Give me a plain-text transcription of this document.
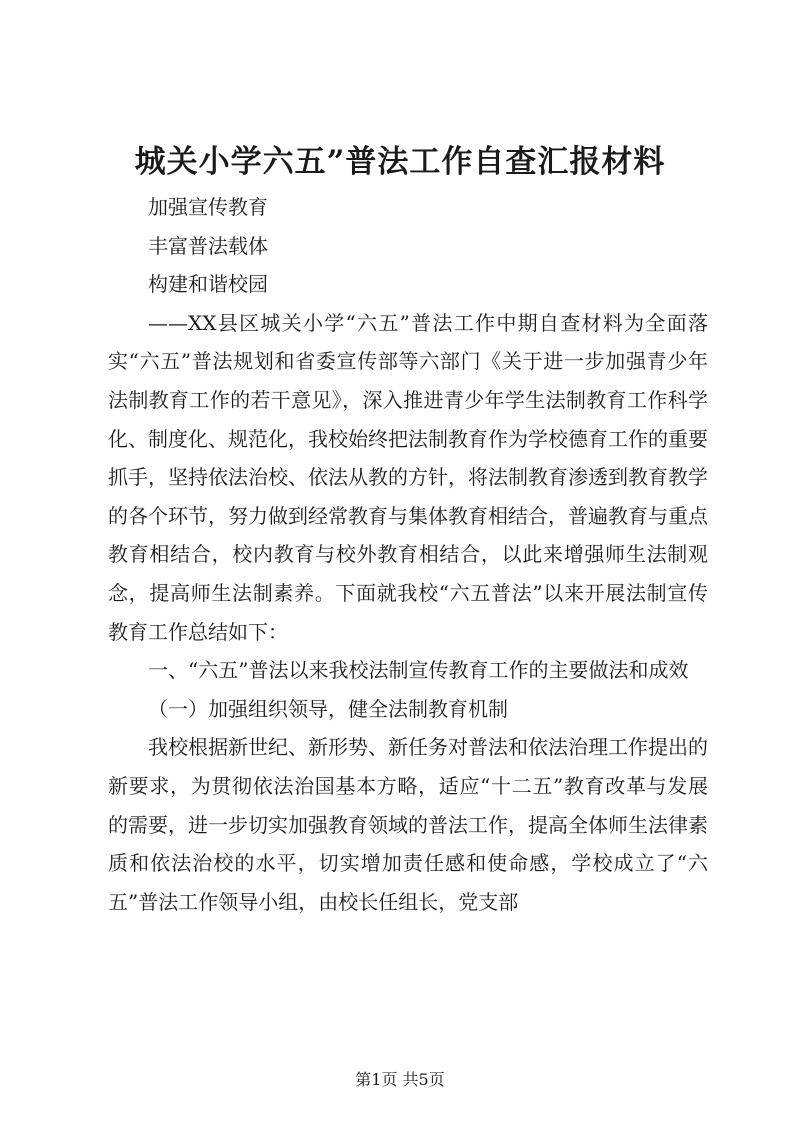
城关小学六五”普法工作自查汇报材料

加强宣传教育

丰富普法载体

构建和谐校园

——XX县区城关小学“六五”普法工作中期自查材料为全面落实“六五”普法规划和省委宣传部等六部门《关于进一步加强青少年法制教育工作的若干意见》，深入推进青少年学生法制教育工作科学化、制度化、规范化，我校始终把法制教育作为学校德育工作的重要抓手，坚持依法治校、依法从教的方针，将法制教育渗透到教育教学的各个环节，努力做到经常教育与集体教育相结合，普遍教育与重点教育相结合，校内教育与校外教育相结合，以此来增强师生法制观念，提高师生法制素养。下面就我校“六五普法”以来开展法制宣传教育工作总结如下：

一、“六五”普法以来我校法制宣传教育工作的主要做法和成效

（一）加强组织领导，健全法制教育机制

我校根据新世纪、新形势、新任务对普法和依法治理工作提出的新要求，为贯彻依法治国基本方略，适应“十二五”教育改革与发展的需要，进一步切实加强教育领域的普法工作，提高全体师生法律素质和依法治校的水平，切实增加责任感和使命感，学校成立了“六五”普法工作领导小组，由校长任组长，党支部

第1页 共5页
